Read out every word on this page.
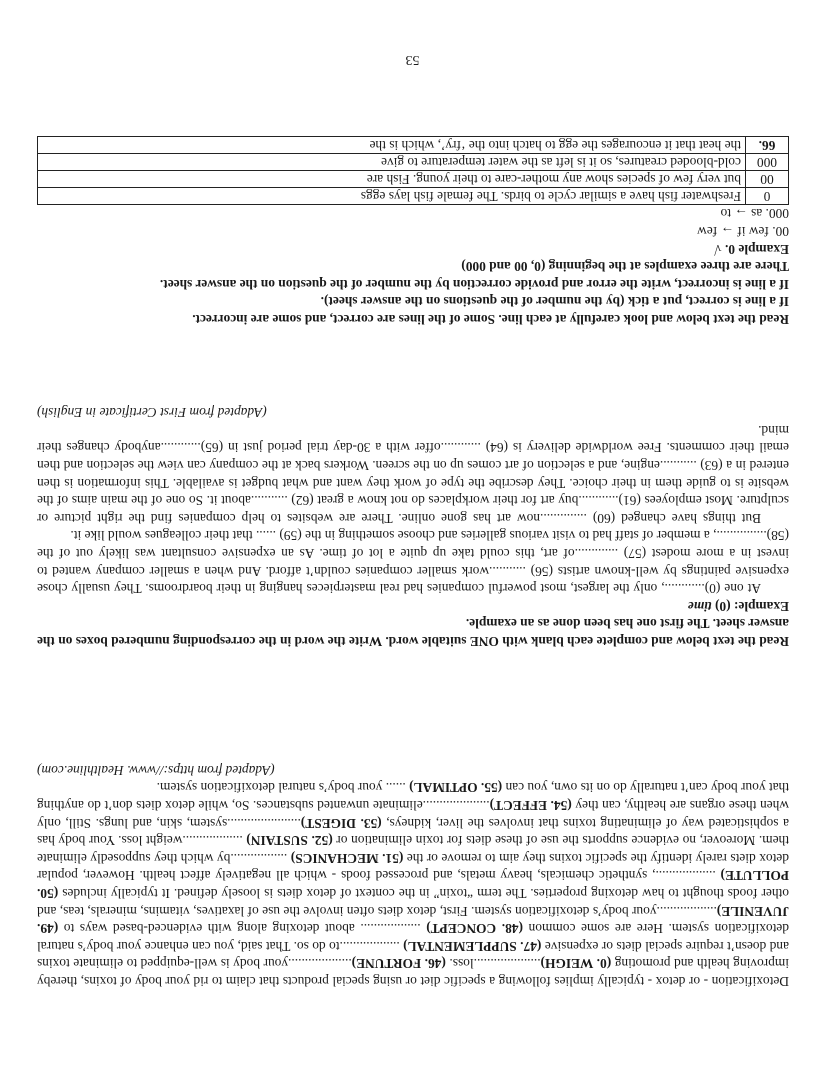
Detoxification - or detox - typically implies following a specific diet or using special products that claim to rid your body of toxins, thereby improving health and promoting (0. WEIGH)....................loss. (46. FORTUNE)...................your body is well-equipped to eliminate toxins and doesn’t require special diets or expensive (47. SUPPLEMENTAL) ..................to do so. That said, you can enhance your body’s natural detoxification system. Here are some common (48. CONCEPT) .................. about detoxing along with evidenced-based ways to (49. JUVENILE)..................your body’s detoxification system. First, detox diets often involve the use of laxatives, vitamins, minerals, teas, and other foods thought to haw detoxing properties. The term “toxin” in the context of detox diets is loosely defined. It typically includes (50. POLLUTE) .................., synthetic chemicals, heavy metals, and processed foods - which all negatively affect health. However, popular detox diets rarely identify the specific toxins they aim to remove or the (51. MECHANICS) .................by which they supposedly eliminate them. Moreover, no evidence supports the use of these diets for toxin elimination or (52. SUSTAIN) ..................weight loss. Your body has a sophisticated way of eliminating toxins that involves the liver, kidneys, (53. DIGEST)......................system, skin, and lungs. Still, only when these organs are healthy, can they (54. EFFECT)....................eliminate unwanted substances. So, while detox diets don’t do anything that your body can’t naturally do on its own, you can (55. OPTIMAL) ...... your body’s natural detoxification system.

(Adapted from https://www. Healthline.com)

Read the text below and complete each blank with ONE suitable word. Write the word in the corresponding numbered boxes on the answer sheet. The first one has been done as an example.

Example: (0) time

At one (0)............, only the largest, most powerful companies had real masterpieces hanging in their boardrooms. They usually chose expensive paintings by well-known artists (56) ...........work smaller companies couldn’t afford. And when a smaller company wanted to invest in a more modest (57) .............of art, this could take up quite a lot of time. As an expensive consultant was likely out of the (58)..............., a member of staff had to visit various galleries and choose something in the (59) ...... that their colleagues would like it.

But things have changed (60) ..............now art has gone online. There are websites to help companies find the right picture or sculpture. Most employees (61)............buy art for their workplaces do not know a great (62) ...........about it. So one of the main aims of the website is to guide them in their choice. They describe the type of work they want and what budget is available. This information is then entered in a (63) ...........engine, and a selection of art comes up on the screen. Workers back at the company can view the selection and then email their comments. Free worldwide delivery is (64) ............offer with a 30-day trial period just in (65)............anybody changes their mind.

(Adapted from First Certificate in English)

Read the text below and look carefully at each line. Some of the lines are correct, and some are incorrect.

If a line is correct, put a tick (by the number of the questions on the answer sheet).

If a line is incorrect, write the error and provide correction by the number of the question on the answer sheet.

There are three examples at the beginning (0, 00 and 000)

Example 0. √

00. few if → few

000. as → to

0	Freshwater fish have a similar cycle to birds. The female fish lays eggs
00	but very few of species show any mother-care to their young. Fish are
000	cold-blooded creatures, so it is left as the water temperature to give
66.	the heat that it encourages the egg to hatch into the ‘fry’, which is the
53
